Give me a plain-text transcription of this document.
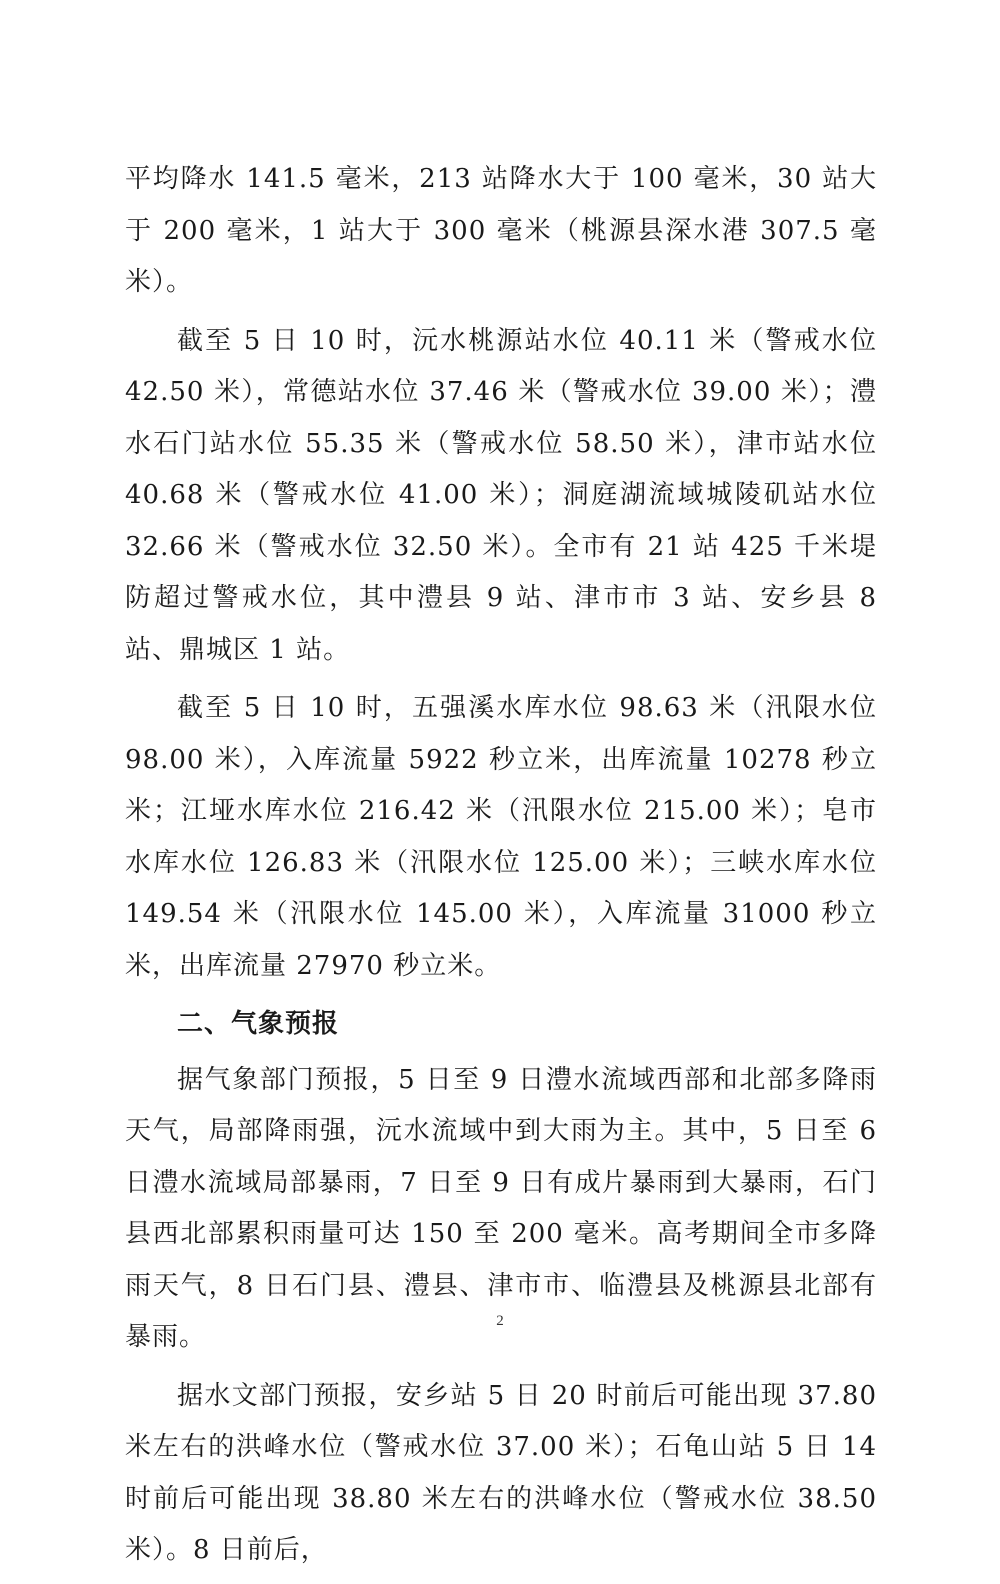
平均降水 141.5 毫米，213 站降水大于 100 毫米，30 站大于 200 毫米，1 站大于 300 毫米（桃源县深水港 307.5 毫米）。

截至 5 日 10 时，沅水桃源站水位 40.11 米（警戒水位 42.50 米），常德站水位 37.46 米（警戒水位 39.00 米）；澧水石门站水位 55.35 米（警戒水位 58.50 米），津市站水位 40.68 米（警戒水位 41.00 米）；洞庭湖流域城陵矶站水位 32.66 米（警戒水位 32.50 米）。全市有 21 站 425 千米堤防超过警戒水位，其中澧县 9 站、津市市 3 站、安乡县 8 站、鼎城区 1 站。

截至 5 日 10 时，五强溪水库水位 98.63 米（汛限水位 98.00 米），入库流量 5922 秒立米，出库流量 10278 秒立米；江垭水库水位 216.42 米（汛限水位 215.00 米）；皂市水库水位 126.83 米（汛限水位 125.00 米）；三峡水库水位 149.54 米（汛限水位 145.00 米），入库流量 31000 秒立米，出库流量 27970 秒立米。

二、气象预报

据气象部门预报，5 日至 9 日澧水流域西部和北部多降雨天气，局部降雨强，沅水流域中到大雨为主。其中，5 日至 6 日澧水流域局部暴雨，7 日至 9 日有成片暴雨到大暴雨，石门县西北部累积雨量可达 150 至 200 毫米。高考期间全市多降雨天气，8 日石门县、澧县、津市市、临澧县及桃源县北部有暴雨。

据水文部门预报，安乡站 5 日 20 时前后可能出现 37.80 米左右的洪峰水位（警戒水位 37.00 米）；石龟山站 5 日 14 时前后可能出现 38.80 米左右的洪峰水位（警戒水位 38.50 米）。8 日前后，

2
